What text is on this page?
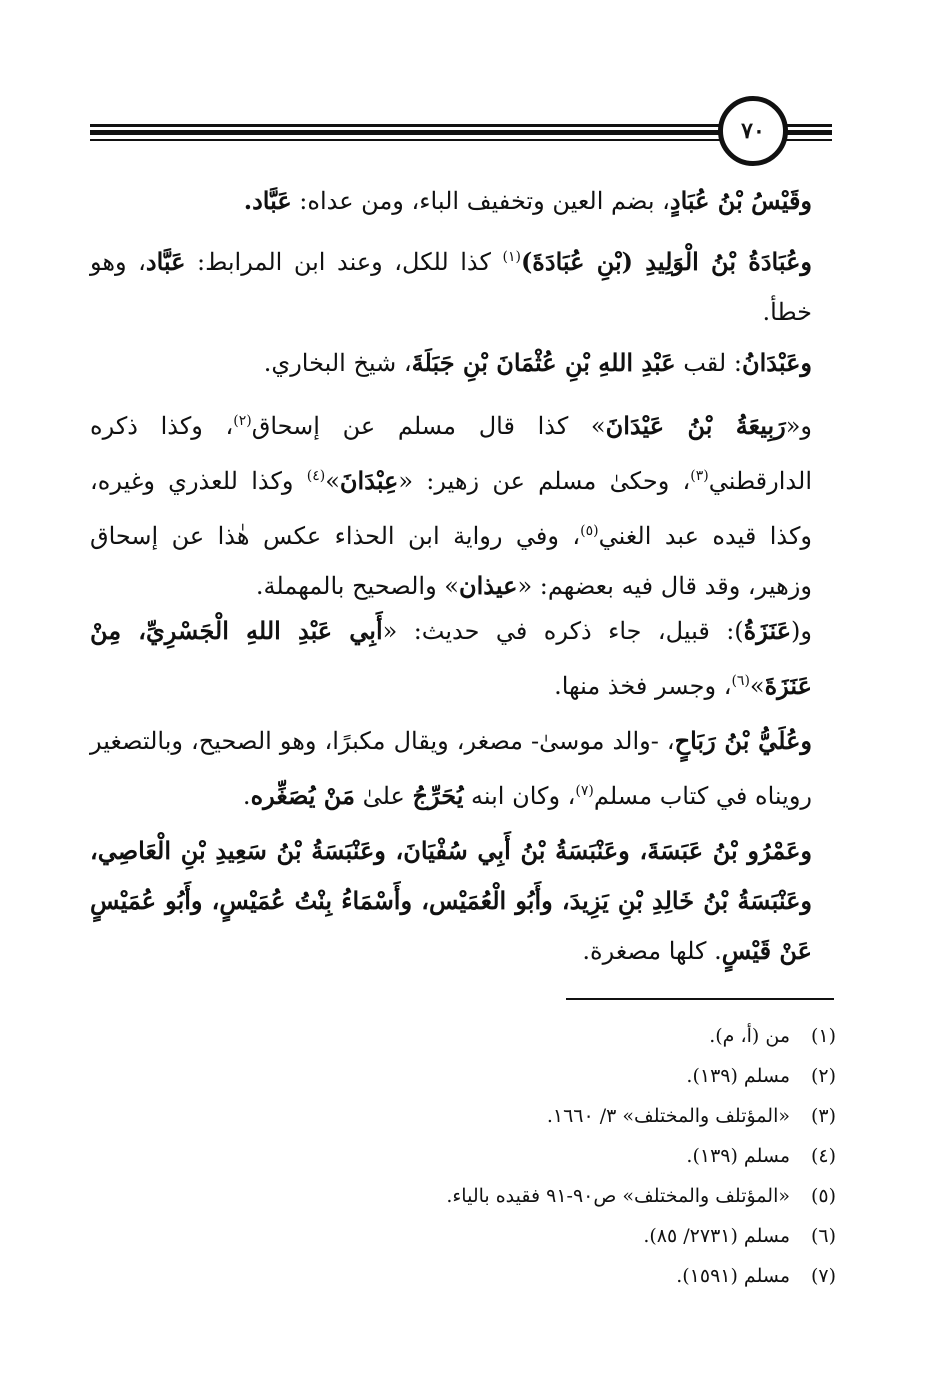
٧٠

وقَيْسُ بْنُ عُبَادٍ، بضم العين وتخفيف الباء، ومن عداه: عَبَّاد.

وعُبَادَةُ بْنُ الْوَلِيدِ (بْنِ عُبَادَةَ)$^{(١)}$ كذا للكل، وعند ابن المرابط: عَبَّاد، وهو خطأ.

وعَبْدَانُ: لقب عَبْدِ اللهِ بْنِ عُثْمَانَ بْنِ جَبَلَةَ، شيخ البخاري.

و«رَبِيعَةُ بْنُ عَيْدَانَ» كذا قال مسلم عن إسحاق$^{(٢)}$، وكذا ذكره الدارقطني$^{(٣)}$، وحكىٰ مسلم عن زهير: «عِبْدَانَ»$^{(٤)}$ وكذا للعذري وغيره، وكذا قيده عبد الغني$^{(٥)}$، وفي رواية ابن الحذاء عكس هٰذا عن إسحاق وزهير، وقد قال فيه بعضهم: «عيذان» والصحيح بالمهملة.

و(عَنَزَةُ): قبيل، جاء ذكره في حديث: «أَبِي عَبْدِ اللهِ الْجَسْرِيِّ، مِنْ عَنَزَةَ»$^{(٦)}$، وجسر فخذ منها.

وعُلَيُّ بْنُ رَبَاحٍ، -والد موسىٰ- مصغر، ويقال مكبرًا، وهو الصحيح، وبالتصغير رويناه في كتاب مسلم$^{(٧)}$، وكان ابنه يُحَرِّجُ علىٰ مَنْ يُصَغِّره.

وعَمْرُو بْنُ عَبَسَةَ، وعَنْبَسَةُ بْنُ أَبِي سُفْيَانَ، وعَنْبَسَةُ بْنُ سَعِيدِ بْنِ الْعَاصِي، وعَنْبَسَةُ بْنُ خَالِدِ بْنِ يَزِيدَ، وأَبُو الْعُمَيْس، وأَسْمَاءُ بِنْتُ عُمَيْسٍ، وأَبُو عُمَيْسٍ عَنْ قَيْسٍ. كلها مصغرة.

(١)من (أ، م).
(٢)مسلم (١٣٩).
(٣)«المؤتلف والمختلف» ٣/ ١٦٦٠.
(٤)مسلم (١٣٩).
(٥)«المؤتلف والمختلف» ص٩٠-٩١ فقيده بالياء.
(٦)مسلم (٢٧٣١/ ٨٥).
(٧)مسلم (١٥٩١).
